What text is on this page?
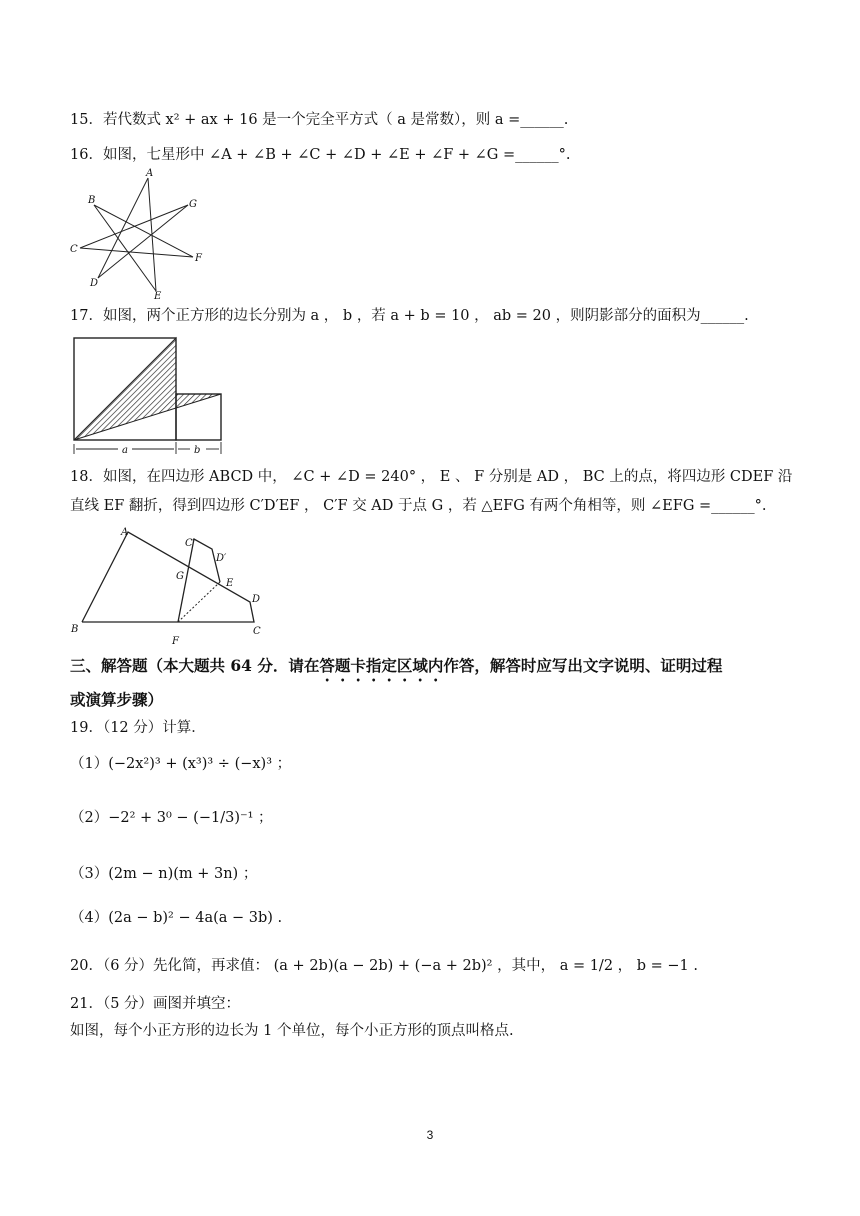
15．若代数式 x² + ax + 16 是一个完全平方式（ a 是常数），则 a =______.
16．如图，七星形中 ∠A + ∠B + ∠C + ∠D + ∠E + ∠F + ∠G =______°.
A
B
C
D
E
F
G
17．如图，两个正方形的边长分别为 a ， b ，若 a + b = 10 ， ab = 20 ，则阴影部分的面积为______.
a	b
18．如图，在四边形 ABCD 中， ∠C + ∠D = 240° ， E 、 F 分别是 AD ， BC 上的点，将四边形 CDEF 沿
直线 EF 翻折，得到四边形 C′D′EF ， C′F 交 AD 于点 G ，若 △EFG 有两个角相等，则 ∠EFG =______°.
A
B	C
D
E
F
G
C′
D′
三、解答题（本大题共 64 分．请在答题卡指定区域内作答，解答时应写出文字说明、证明过程
或演算步骤）
19．（12 分）计算．
（1）(−2x²)³ + (x³)³ ÷ (−x)³ ；
（2）−2² + 3⁰ − (−1/3)⁻¹ ；
（3）(2m − n)(m + 3n) ；
（4）(2a − b)² − 4a(a − 3b) .
20．（6 分）先化简，再求值： (a + 2b)(a − 2b) + (−a + 2b)² ，其中， a = 1/2 ， b = −1 .
21．（5 分）画图并填空：
如图，每个小正方形的边长为 1 个单位，每个小正方形的顶点叫格点.
3
